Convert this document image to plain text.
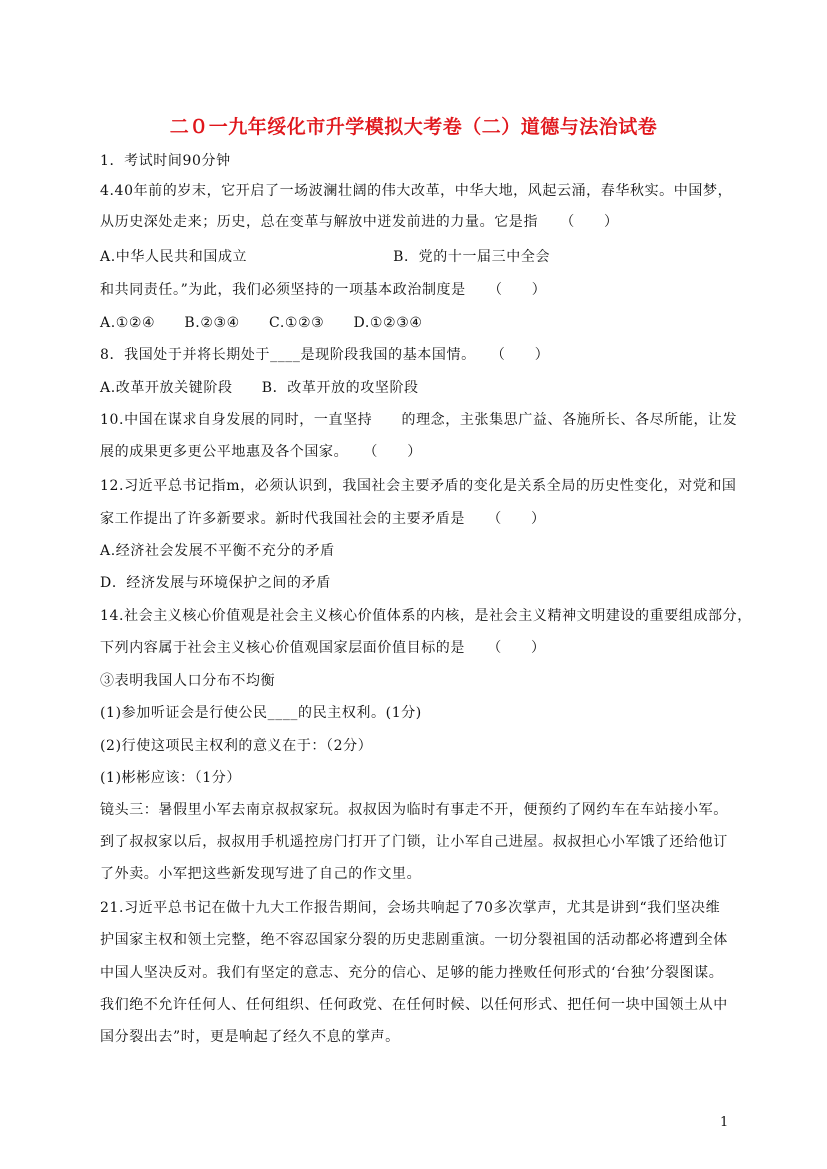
二０一九年绥化市升学模拟大考卷（二）道德与法治试卷
1．考试时间90分钟
4.40年前的岁末，它开启了一场波澜壮阔的伟大改革，中华大地，风起云涌，春华秋实。中国梦，
从历史深处走来；历史，总在变革与解放中迸发前进的力量。它是指　　（　　）
A.中华人民共和国成立　　　　　　　　　　B．党的十一届三中全会
和共同责任。”为此，我们必须坚持的一项基本政治制度是　　（　　）
A.①②④　　B.②③④　　C.①②③　　D.①②③④
8．我国处于并将长期处于____是现阶段我国的基本国情。　　（　　）
A.改革开放关键阶段　　B．改革开放的攻坚阶段
10.中国在谋求自身发展的同时，一直坚持　　的理念，主张集思广益、各施所长、各尽所能，让发
展的成果更多更公平地惠及各个国家。　　（　　）
12.习近平总书记指m，必须认识到，我国社会主要矛盾的变化是关系全局的历史性变化，对党和国
家工作提出了许多新要求。新时代我国社会的主要矛盾是　　（　　）
A.经济社会发展不平衡不充分的矛盾
D．经济发展与环境保护之间的矛盾
14.社会主义核心价值观是社会主义核心价值体系的内核，是社会主义精神文明建设的重要组成部分，
下列内容属于社会主义核心价值观国家层面价值目标的是　　（　　）
③表明我国人口分布不均衡
(1)参加听证会是行使公民____的民主权利。(1分)
(2)行使这项民主权利的意义在于：（2分）
(1)彬彬应该：（1分）
镜头三：暑假里小军去南京叔叔家玩。叔叔因为临时有事走不开，便预约了网约车在车站接小军。
到了叔叔家以后，叔叔用手机遥控房门打开了门锁，让小军自己进屋。叔叔担心小军饿了还给他订
了外卖。小军把这些新发现写进了自己的作文里。
21.习近平总书记在做十九大工作报告期间，会场共响起了70多次掌声，尤其是讲到“我们坚决维
护国家主权和领土完整，绝不容忍国家分裂的历史悲剧重演。一切分裂祖国的活动都必将遭到全体
中国人坚决反对。我们有坚定的意志、充分的信心、足够的能力挫败任何形式的‘台独’分裂图谋。
我们绝不允许任何人、任何组织、任何政党、在任何时候、以任何形式、把任何一块中国领土从中
国分裂出去”时，更是响起了经久不息的掌声。
1
